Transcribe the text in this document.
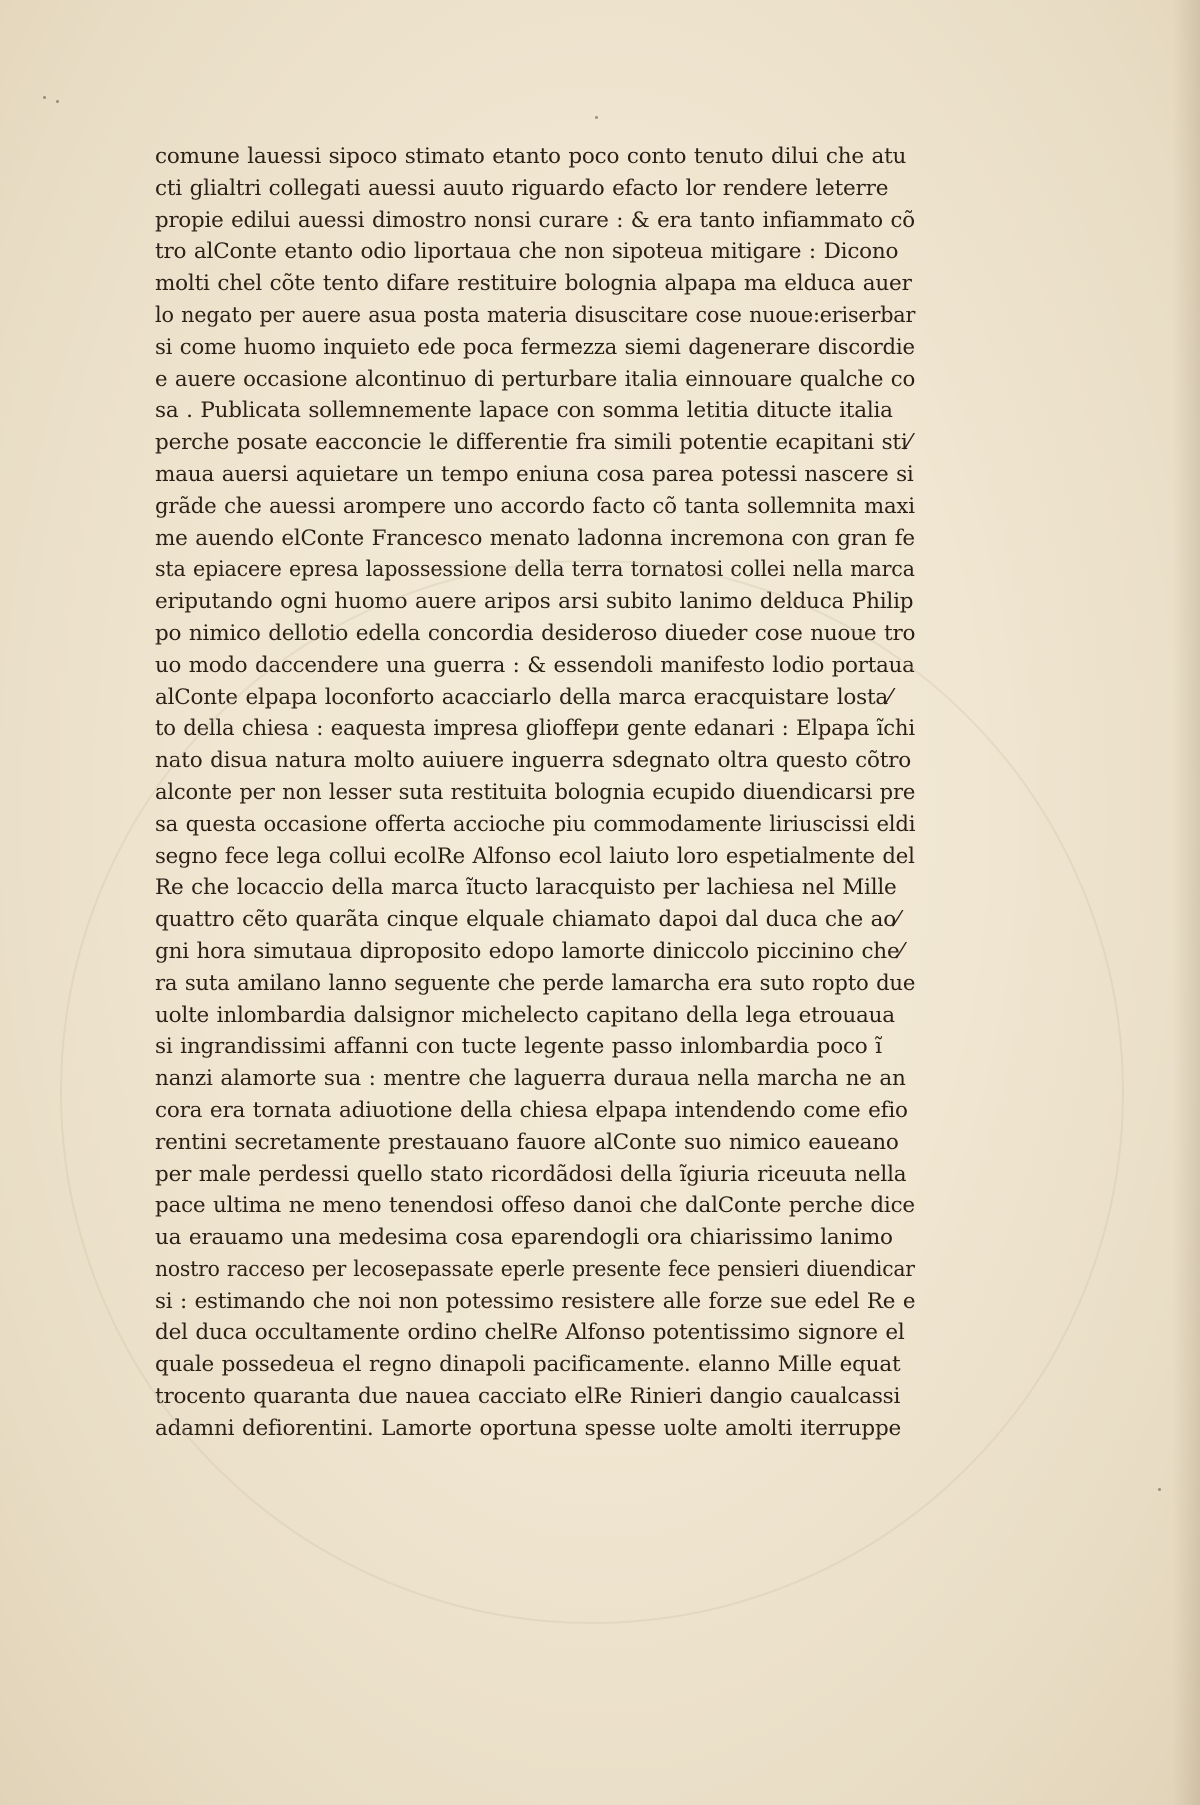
comune lauessi sipoco stimato etanto poco conto tenuto dilui che atu
cti glialtri collegati auessi auuto riguardo efacto lor rendere leterre
propie edilui auessi dimostro nonsi curare : & era tanto infiammato cõ
tro alConte etanto odio liportaua che non sipoteua mitigare : Dicono
molti chel cõte tento difare restituire bolognia alpapa ma elduca auer
lo negato per auere asua posta materia disuscitare cose nuoue:eriserbar
si come huomo inquieto ede poca fermezza siemi dagenerare discordie
e auere occasione alcontinuo di perturbare italia einnouare qualche co
sa . Publicata sollemnemente lapace con somma letitia ditucte italia
perche posate eacconcie le differentie fra simili potentie ecapitani sti⁄
maua auersi aquietare un tempo eniuna cosa parea potessi nascere si
grãde che auessi arompere uno accordo facto cõ tanta sollemnita maxi
me auendo elConte Francesco menato ladonna incremona con gran fe
sta epiacere epresa lapossessione della terra tornatosi collei nella marca
eriputando ogni huomo auere aripos arsi subito lanimo delduca Philip
po nimico dellotio edella concordia desideroso diueder cose nuoue tro
uo modo daccendere una guerra : & essendoli manifesto lodio portaua
alConte elpapa loconforto acacciarlo della marca eracquistare losta⁄
to della chiesa : eaquesta impresa glioffери gente edanari : Elpapa ĩchi
nato disua natura molto auiuere inguerra sdegnato oltra questo cõtro
alconte per non lesser suta restituita bolognia ecupido diuendicarsi pre
sa questa occasione offerta accioche piu commodamente liriuscissi eldi
segno fece lega collui ecolRe Alfonso ecol laiuto loro espetialmente del
Re che locaccio della marca ĩtucto laracquisto per lachiesa nel Mille
quattro cẽto quarãta cinque elquale chiamato dapoi dal duca che ao⁄
gni hora simutaua dipropositо edopo lamorte diniccolo piccinino che⁄
ra suta amilano lanno seguente che perde lamarcha era suto ropto due
uolte inlombardia dalsignor michelecto capitano della lega etrouaua
si ingrandissimi affanni con tucte legente passo inlombardia poco ĩ
nanzi alamorte sua : mentre che laguerra duraua nella marcha ne an
cora era tornata adiuotione della chiesa elpapa intendendo come efio
rentini secretamente prestauano fauore alConte suo nimico eaueano
per male perdessi quello stato ricordãdosi della ĩgiuria riceuuta nella
pace ultima ne meno tenendosi offeso danoi che dalConte perche dice
ua erauamo una medesima cosa eparendogli ora chiarissimo lanimo
nostro racceso per lecosepassate eperle presente fece pensieri diuendicar
si : estimando che noi non potessimo resistere alle forze sue edel Re e
del duca occultamente ordino chelRe Alfonso potentissimo signore el
quale possedeua el regno dinapoli pacificamente. elanno Mille equat
trocento quaranta due naueа cacciato elRe Rinieri dangio caualcassi
adamni defiorentini. Lamorte oportuna spesse uolte amolti iterruppe
